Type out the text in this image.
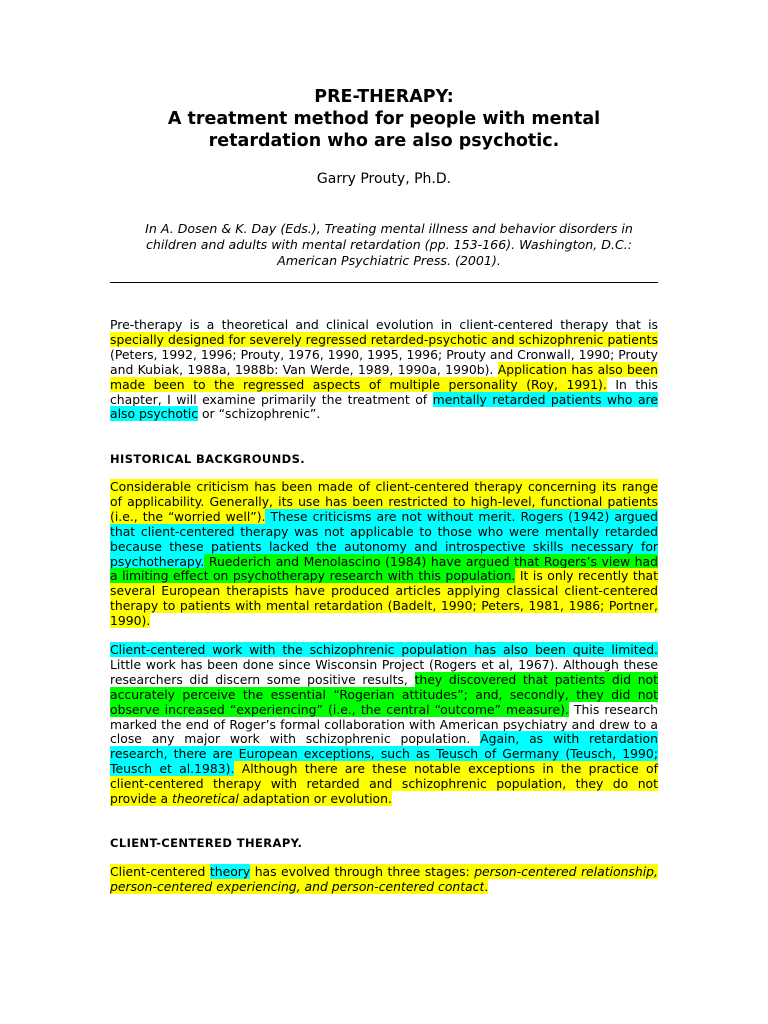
PRE-THERAPY:
A treatment method for people with mental
retardation who are also psychotic.
Garry Prouty, Ph.D.
In A. Dosen & K. Day (Eds.), Treating mental illness and behavior disorders in
children and adults with mental retardation (pp. 153-166). Washington, D.C.:
American Psychiatric Press. (2001).
Pre-therapy is a theoretical and clinical evolution in client-centered therapy that is specially designed for severely regressed retarded-psychotic and schizophrenic patients (Peters, 1992, 1996; Prouty, 1976, 1990, 1995, 1996; Prouty and Cronwall, 1990; Prouty and Kubiak, 1988a, 1988b: Van Werde, 1989, 1990a, 1990b). Application has also been made been to the regressed aspects of multiple personality (Roy, 1991). In this chapter, I will examine primarily the treatment of mentally retarded patients who are also psychotic or “schizophrenic”.
HISTORICAL BACKGROUNDS.
Considerable criticism has been made of client-centered therapy concerning its range of applicability. Generally, its use has been restricted to high-level, functional patients (i.e., the “worried well”). These criticisms are not without merit. Rogers (1942) argued that client-centered therapy was not applicable to those who were mentally retarded because these patients lacked the autonomy and introspective skills necessary for psychotherapy. Ruederich and Menolascino (1984) have argued that Rogers’s view had a limiting effect on psychotherapy research with this population. It is only recently that several European therapists have produced articles applying classical client-centered therapy to patients with mental retardation (Badelt, 1990; Peters, 1981, 1986; Portner, 1990).
Client-centered work with the schizophrenic population has also been quite limited. Little work has been done since Wisconsin Project (Rogers et al, 1967). Although these researchers did discern some positive results, they discovered that patients did not accurately perceive the essential “Rogerian attitudes”; and, secondly, they did not observe increased “experiencing” (i.e., the central “outcome” measure). This research marked the end of Roger’s formal collaboration with American psychiatry and drew to a close any major work with schizophrenic population. Again, as with retardation research, there are European exceptions, such as Teusch of Germany (Teusch, 1990; Teusch et al.1983). Although there are these notable exceptions in the practice of client-centered therapy with retarded and schizophrenic population, they do not provide a theoretical adaptation or evolution.
CLIENT-CENTERED THERAPY.
Client-centered theory has evolved through three stages: person-centered relationship, person-centered experiencing, and person-centered contact.
